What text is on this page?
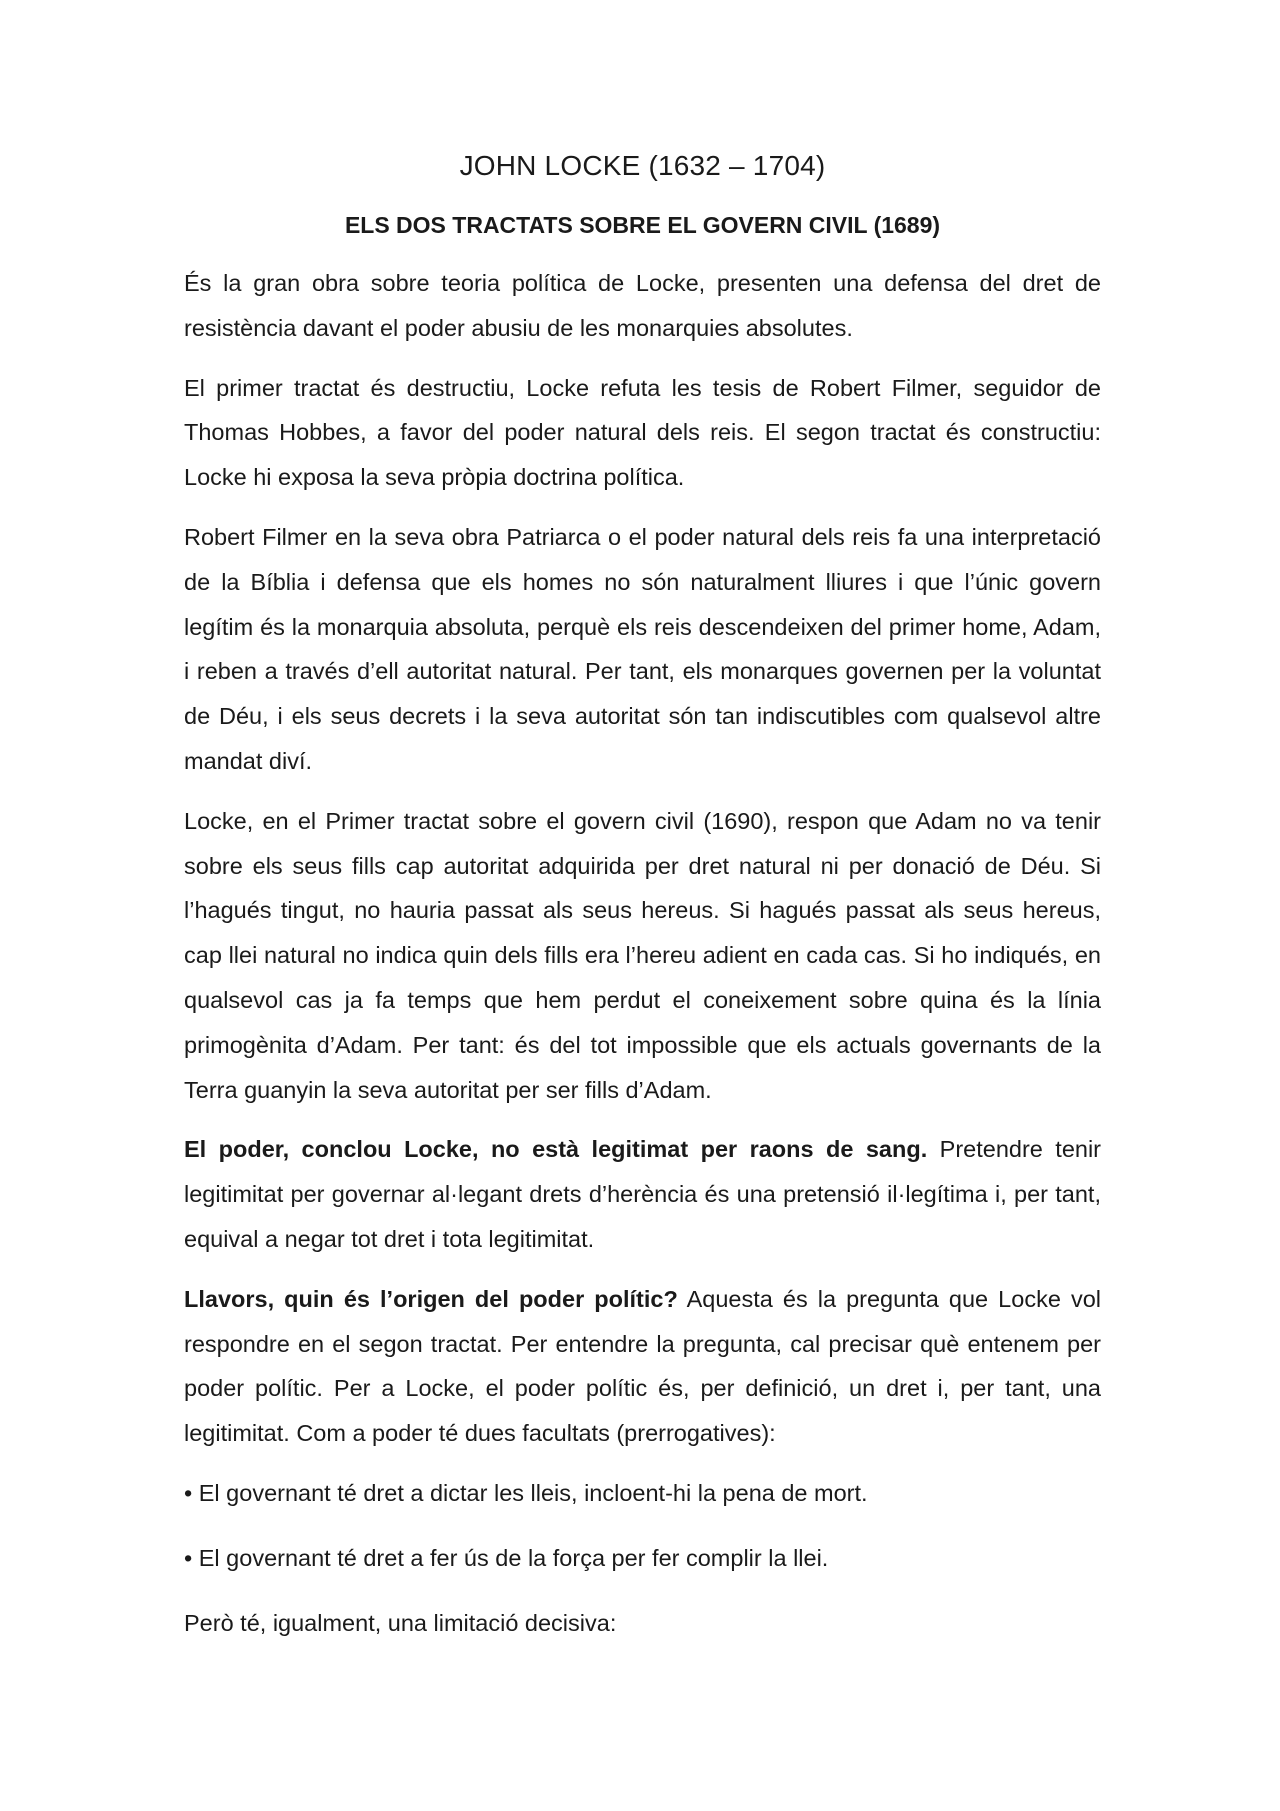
JOHN LOCKE (1632 – 1704)
ELS DOS TRACTATS SOBRE EL GOVERN CIVIL (1689)

És la gran obra sobre teoria política de Locke, presenten una defensa del dret de resistència davant el poder abusiu de les monarquies absolutes.

El primer tractat és destructiu, Locke refuta les tesis de Robert Filmer, seguidor de Thomas Hobbes, a favor del poder natural dels reis. El segon tractat és constructiu: Locke hi exposa la seva pròpia doctrina política.

Robert Filmer en la seva obra Patriarca o el poder natural dels reis fa una interpretació de la Bíblia i defensa que els homes no són naturalment lliures i que l’únic govern legítim és la monarquia absoluta, perquè els reis descendeixen del primer home, Adam, i reben a través d’ell autoritat natural. Per tant, els monarques governen per la voluntat de Déu, i els seus decrets i la seva autoritat són tan indiscutibles com qualsevol altre mandat diví.

Locke, en el Primer tractat sobre el govern civil (1690), respon que Adam no va tenir sobre els seus fills cap autoritat adquirida per dret natural ni per donació de Déu. Si l’hagués tingut, no hauria passat als seus hereus. Si hagués passat als seus hereus, cap llei natural no indica quin dels fills era l’hereu adient en cada cas. Si ho indiqués, en qualsevol cas ja fa temps que hem perdut el coneixement sobre quina és la línia primogènita d’Adam. Per tant: és del tot impossible que els actuals governants de la Terra guanyin la seva autoritat per ser fills d’Adam.

El poder, conclou Locke, no està legitimat per raons de sang. Pretendre tenir legitimitat per governar al·legant drets d’herència és una pretensió il·legítima i, per tant, equival a negar tot dret i tota legitimitat.

Llavors, quin és l’origen del poder polític? Aquesta és la pregunta que Locke vol respondre en el segon tractat. Per entendre la pregunta, cal precisar què entenem per poder polític. Per a Locke, el poder polític és, per definició, un dret i, per tant, una legitimitat. Com a poder té dues facultats (prerrogatives):

• El governant té dret a dictar les lleis, incloent-hi la pena de mort.

• El governant té dret a fer ús de la força per fer complir la llei.

Però té, igualment, una limitació decisiva:
